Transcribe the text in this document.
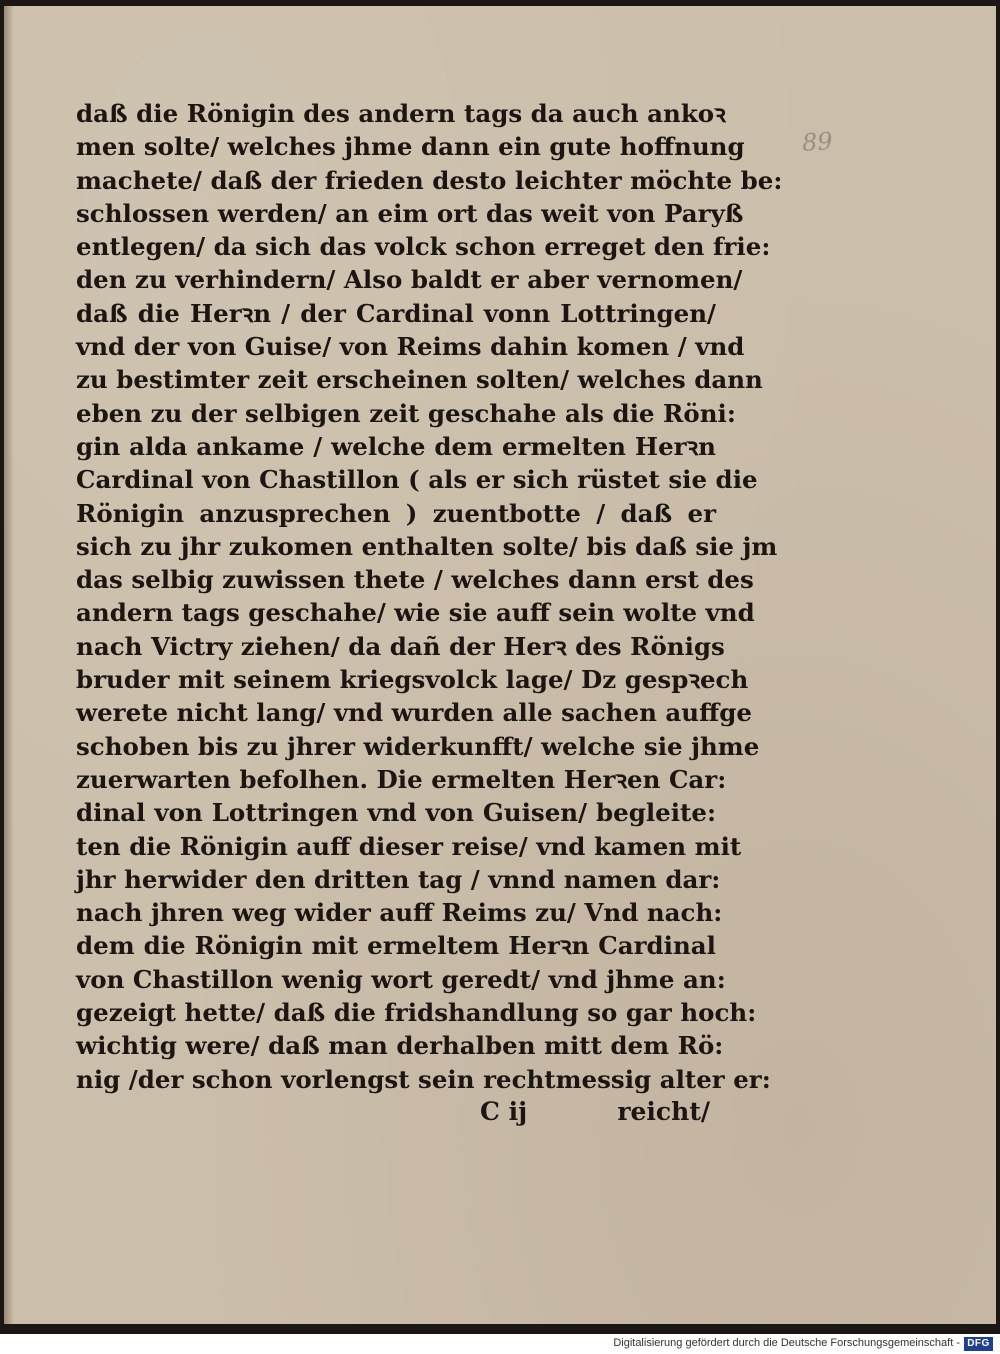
89
daß die Rönigin des andern tags da auch ankoꝛ
men solte/ welches jhme dann ein gute hoffnung
machete/ daß der frieden desto leichter möchte be:
schlossen werden/ an eim ort das weit von Paryß
entlegen/ da sich das volck schon erreget den frie:
den zu verhindern/ Also baldt er aber vernomen/
daß die Herꝛn / der Cardinal vonn Lottringen/
vnd der von Guise/ von Reims dahin komen / vnd
zu bestimter zeit erscheinen solten/ welches dann
eben zu der selbigen zeit geschahe als die Röni:
gin alda ankame / welche dem ermelten Herꝛn
Cardinal von Chastillon ( als er sich rüstet sie die
Rönigin anzusprechen ) zuentbotte / daß er
sich zu jhr zukomen enthalten solte/ bis daß sie jm
das selbig zuwissen thete / welches dann erst des
andern tags geschahe/ wie sie auff sein wolte vnd
nach Victry ziehen/ da dañ der Herꝛ des Rönigs
bruder mit seinem kriegsvolck lage/ Dz gespꝛech
werete nicht lang/ vnd wurden alle sachen auffge
schoben bis zu jhrer widerkunfft/ welche sie jhme
zuerwarten befolhen. Die ermelten Herꝛen Car:
dinal von Lottringen vnd von Guisen/ begleite:
ten die Rönigin auff dieser reise/ vnd kamen mit
jhr herwider den dritten tag / vnnd namen dar:
nach jhren weg wider auff Reims zu/ Vnd nach:
dem die Rönigin mit ermeltem Herꝛn Cardinal
von Chastillon wenig wort geredt/ vnd jhme an:
gezeigt hette/ daß die fridshandlung so gar hoch:
wichtig were/ daß man derhalben mitt dem Rö:
nig /der schon vorlengst sein rechtmessig alter er:
C ij	reicht/
Digitalisierung gefördert durch die Deutsche Forschungsgemeinschaft - DFG
